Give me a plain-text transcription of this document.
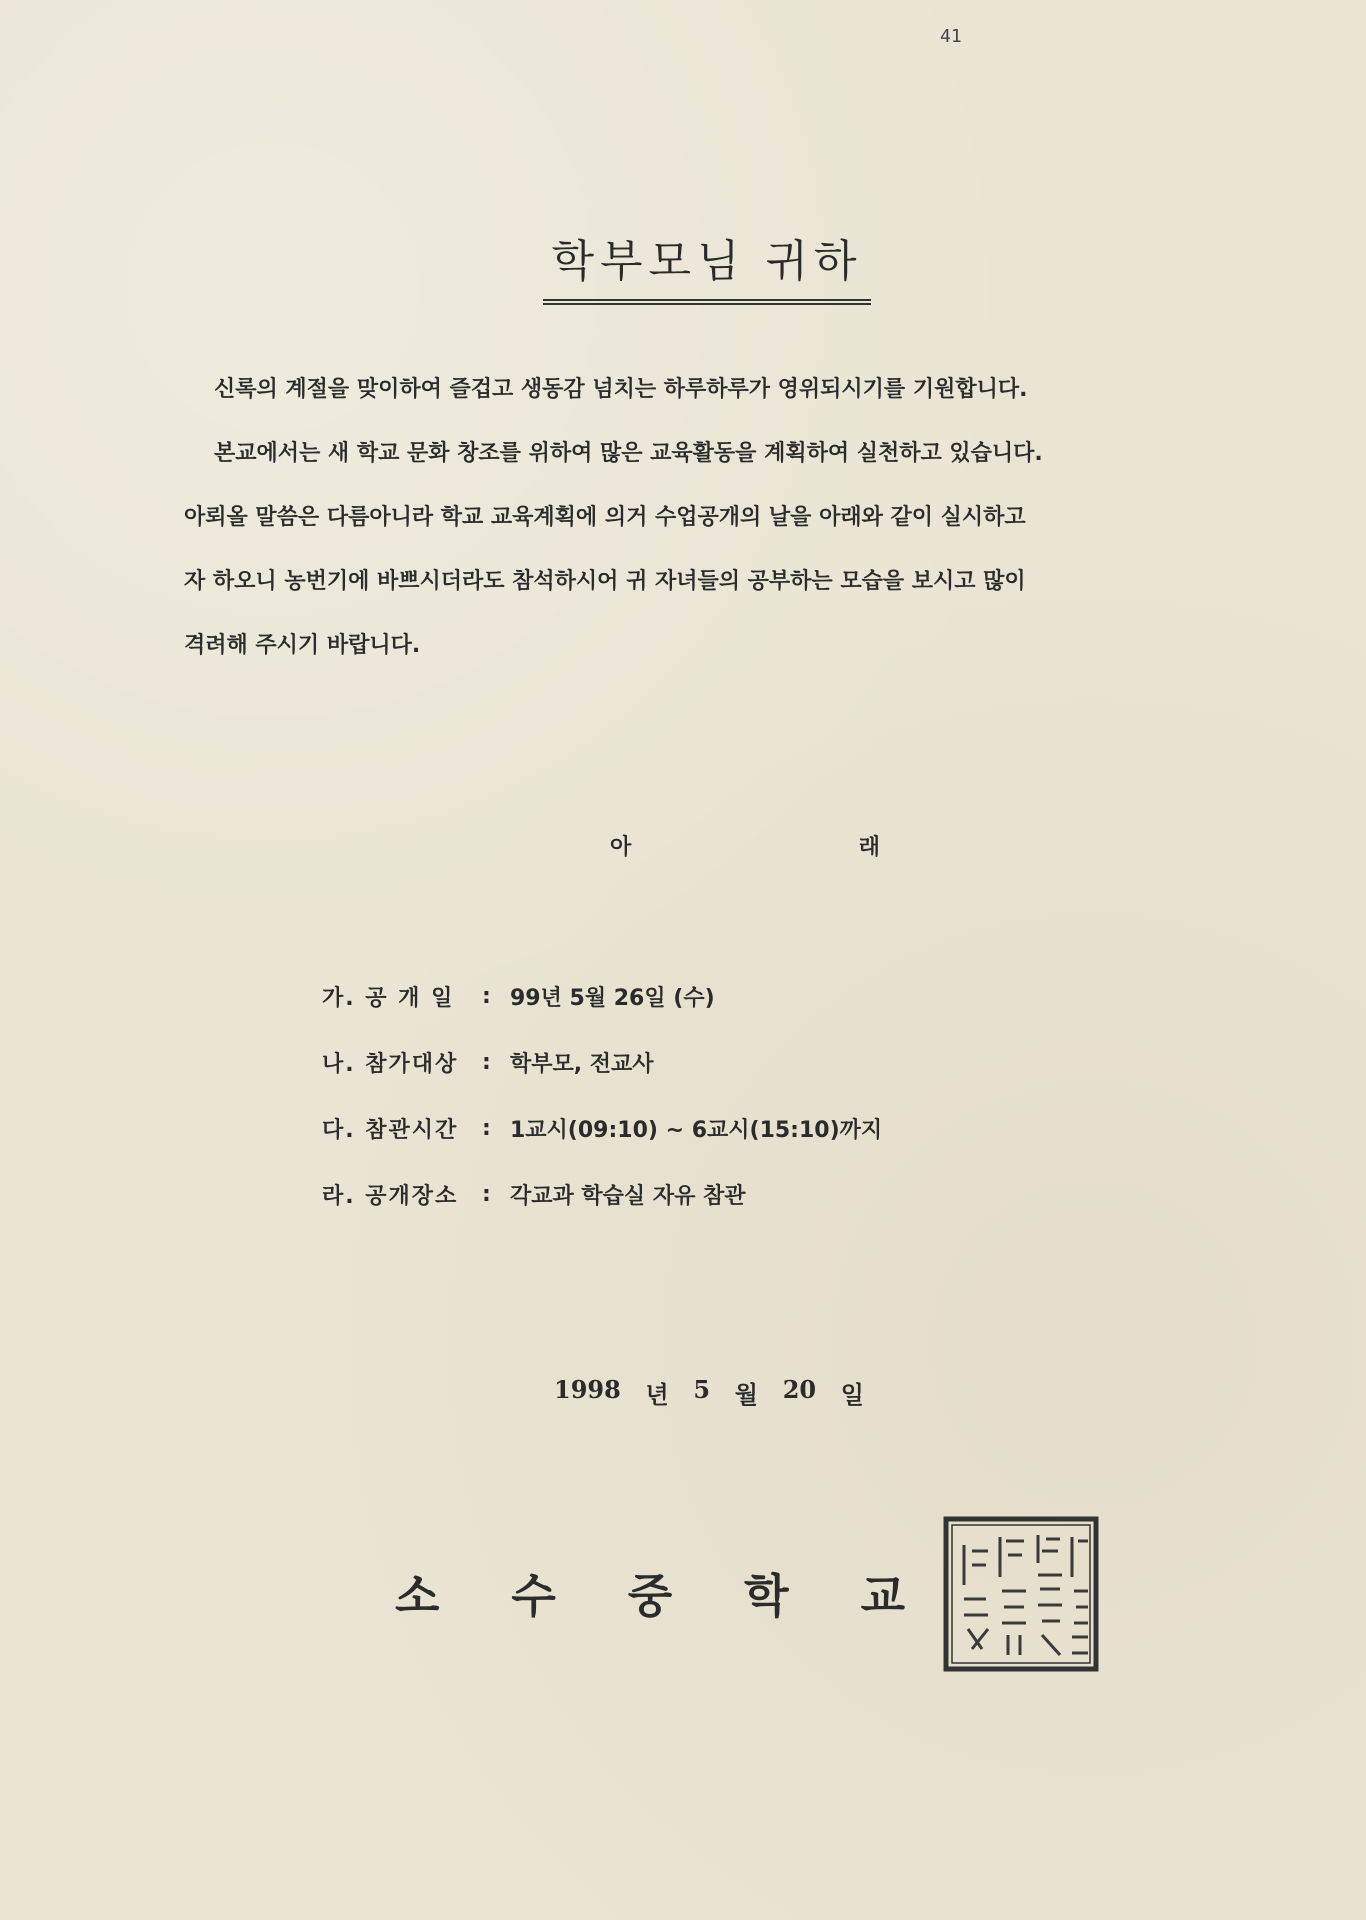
41
학부모님 귀하

신록의 계절을 맞이하여 즐겁고 생동감 넘치는 하루하루가 영위되시기를 기원합니다.

본교에서는 새 학교 문화 창조를 위하여 많은 교육활동을 계획하여 실천하고 있습니다.

아뢰올 말씀은 다름아니라 학교 교육계획에 의거 수업공개의 날을 아래와 같이 실시하고

자 하오니 농번기에 바쁘시더라도 참석하시어 귀 자녀들의 공부하는 모습을 보시고 많이

격려해 주시기 바랍니다.

아	래
가. 공 개 일	: 99년 5월 26일 (수)
나. 참가대상	: 학부모, 전교사
다. 참관시간	: 1교시(09:10) ~ 6교시(15:10)까지
라. 공개장소	: 각교과 학습실 자유 참관
1998 년 5 월 20 일
소 수 중 학 교
